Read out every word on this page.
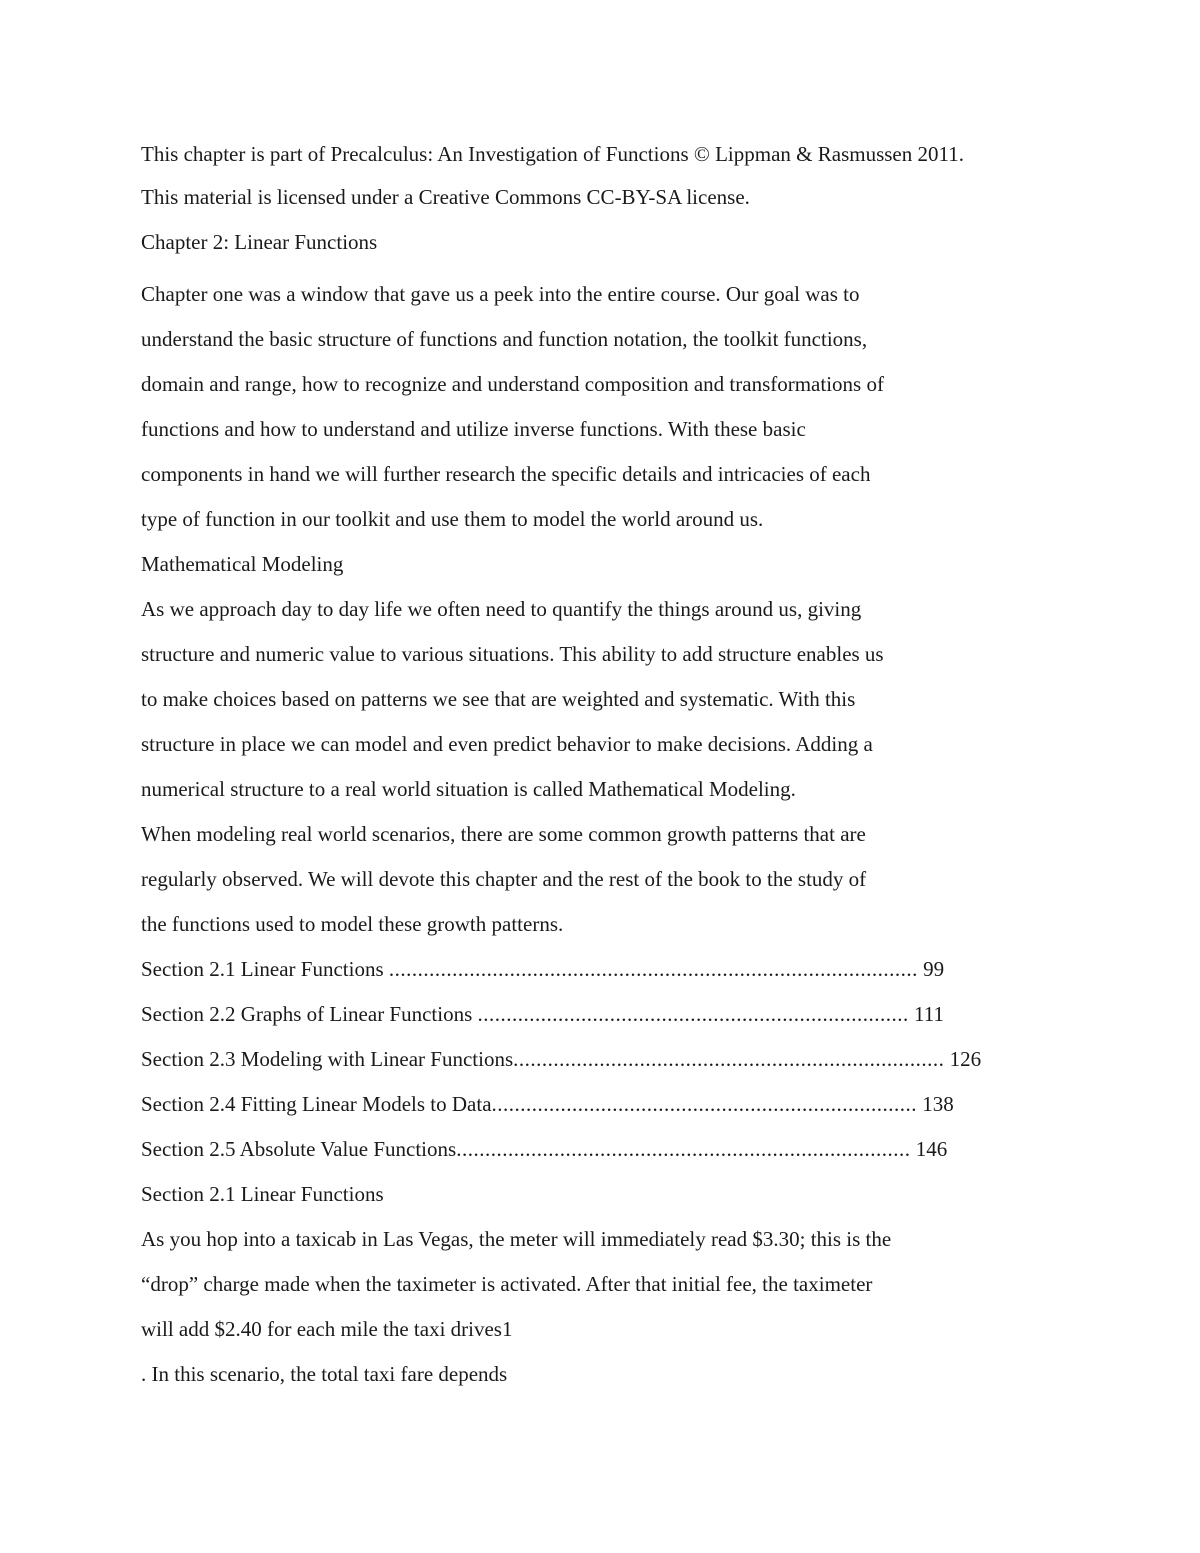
This chapter is part of Precalculus: An Investigation of Functions © Lippman & Rasmussen 2011.

This material is licensed under a Creative Commons CC-BY-SA license.

Chapter 2: Linear Functions

Chapter one was a window that gave us a peek into the entire course. Our goal was to
understand the basic structure of functions and function notation, the toolkit functions,
domain and range, how to recognize and understand composition and transformations of
functions and how to understand and utilize inverse functions. With these basic
components in hand we will further research the specific details and intricacies of each
type of function in our toolkit and use them to model the world around us.
Mathematical Modeling
As we approach day to day life we often need to quantify the things around us, giving
structure and numeric value to various situations. This ability to add structure enables us
to make choices based on patterns we see that are weighted and systematic. With this
structure in place we can model and even predict behavior to make decisions. Adding a
numerical structure to a real world situation is called Mathematical Modeling.
When modeling real world scenarios, there are some common growth patterns that are
regularly observed. We will devote this chapter and the rest of the book to the study of
the functions used to model these growth patterns.
Section 2.1 Linear Functions ............................................................................................ 99
Section 2.2 Graphs of Linear Functions ........................................................................... 111
Section 2.3 Modeling with Linear Functions........................................................................... 126
Section 2.4 Fitting Linear Models to Data.......................................................................... 138
Section 2.5 Absolute Value Functions............................................................................... 146
Section 2.1 Linear Functions
As you hop into a taxicab in Las Vegas, the meter will immediately read $3.30; this is the
“drop” charge made when the taximeter is activated. After that initial fee, the taximeter
will add $2.40 for each mile the taxi drives1
. In this scenario, the total taxi fare depends
